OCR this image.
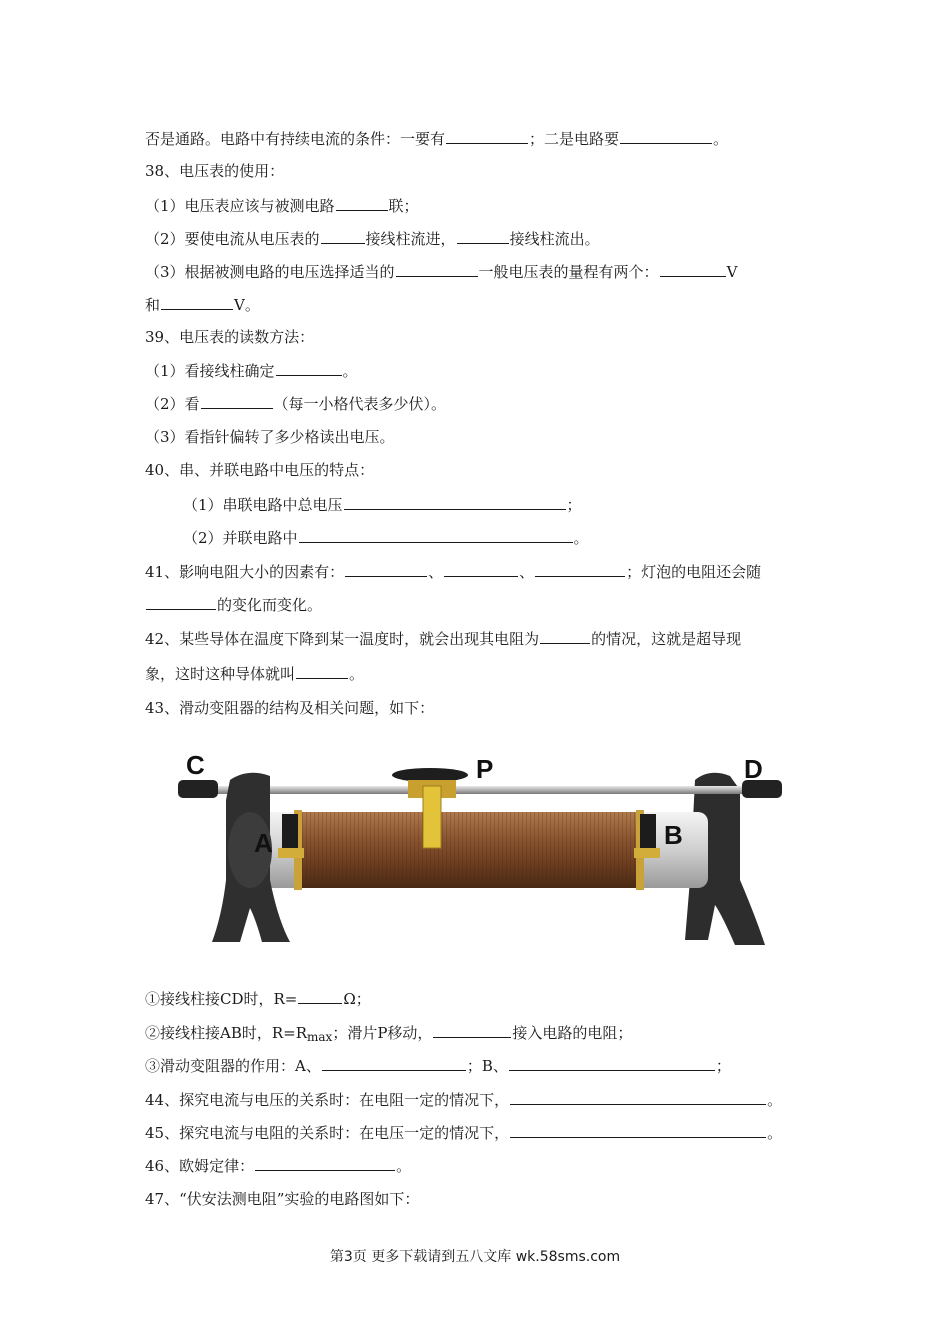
否是通路。电路中有持续电流的条件：一要有	；二是电路要	。
38、电压表的使用：
（1）电压表应该与被测电路	联；
（2）要使电流从电压表的	接线柱流进，	接线柱流出。
（3）根据被测电路的电压选择适当的	一般电压表的量程有两个：	V
和	V。
39、电压表的读数方法：
（1）看接线柱确定	。
（2）看	（每一小格代表多少伏）。
（3）看指针偏转了多少格读出电压。
40、串、并联电路中电压的特点：
（1）串联电路中总电压	；
（2）并联电路中	。
41、影响电阻大小的因素有：	、	、	；灯泡的电阻还会随
的变化而变化。
42、某些导体在温度下降到某一温度时，就会出现其电阻为	的情况，这就是超导现
象，这时这种导体就叫	。
43、滑动变阻器的结构及相关问题，如下：
C	D
P
A	B
①接线柱接CD时，R=	Ω；
②接线柱接AB时，$R=R_{max}$；滑片P移动，	接入电路的电阻；
③滑动变阻器的作用：A、	；B、	；
44、探究电流与电压的关系时：在电阻一定的情况下，	。
45、探究电流与电阻的关系时：在电压一定的情况下，	。
46、欧姆定律：	。
47、“伏安法测电阻”实验的电路图如下：
第3页 更多下载请到五八文库 wk.58sms.com
